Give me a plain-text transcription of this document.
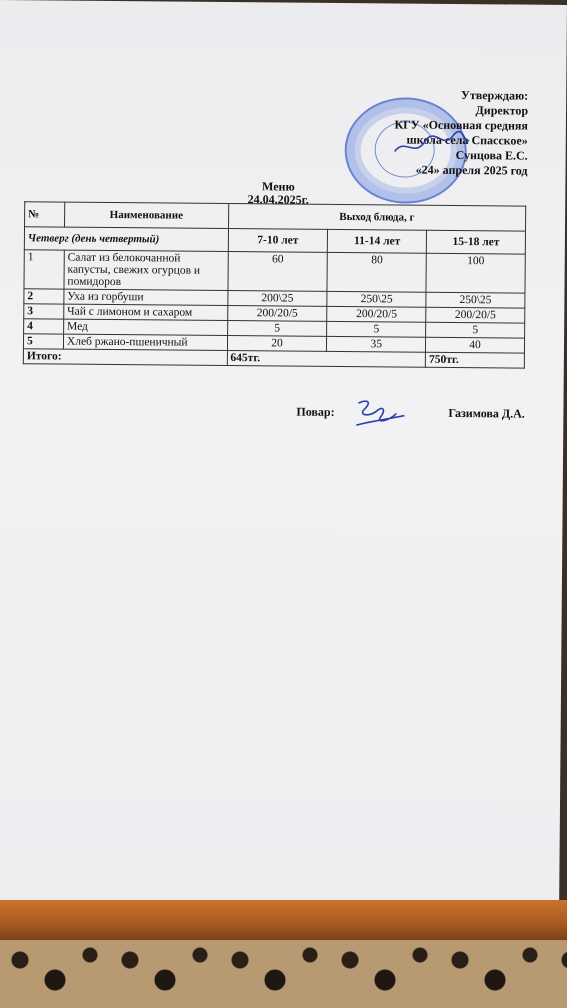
Утверждаю:
Директор
КГУ «Основная средняя
школа села Спасское»
Сунцова Е.С.
«24» апреля 2025 год
Меню
24.04.2025г.
№	Наименование	Выход блюда, г		
Четверг (день четвертый)		7-10 лет	11-14 лет	15-18 лет
1	Салат из белокочанной капусты, свежих огурцов и помидоров	60	80	100
2	Уха из горбуши	200\25	250\25	250\25
3	Чай с лимоном и сахаром	200/20/5	200/20/5	200/20/5
4	Мед	5	5	5
5	Хлеб ржано-пшеничный	20	35	40
Итого:		645тг.		750тг.
Повар:	Газимова Д.А.
